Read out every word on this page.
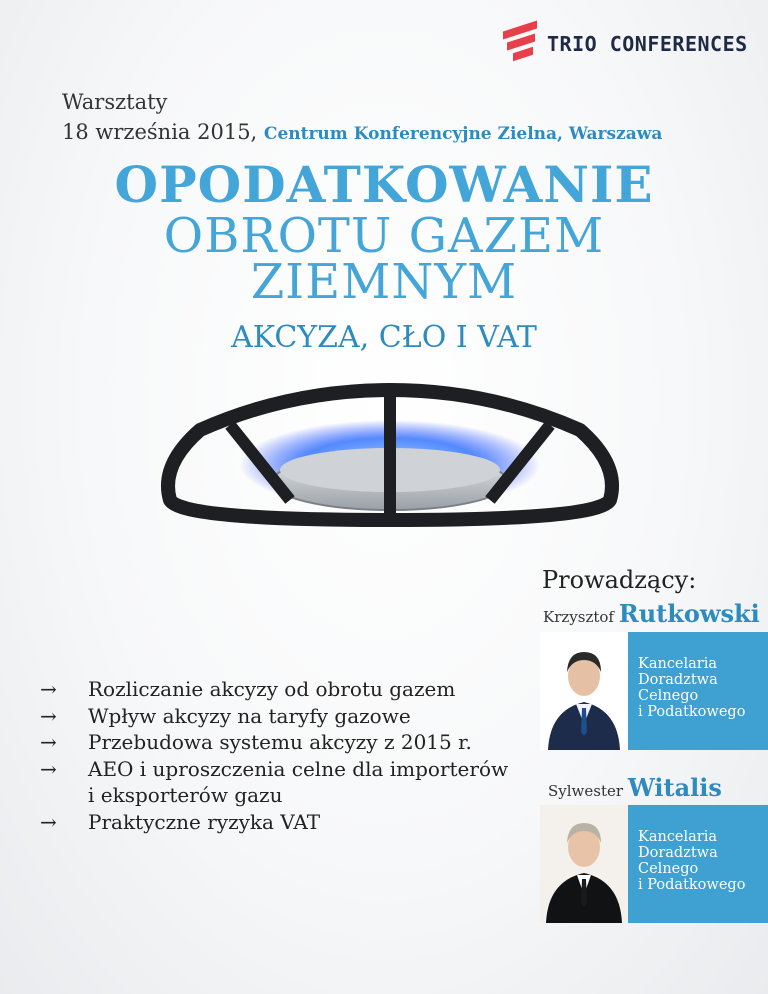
TRIO CONFERENCES
Warsztaty
18 września 2015, Centrum Konferencyjne Zielna, Warszawa
OPODATKOWANIE
OBROTU GAZEM
ZIEMNYM
AKCYZA, CŁO I VAT
Prowadzący:
Krzysztof Rutkowski
Kancelaria
Doradztwa
Celnego
i Podatkowego
Sylwester Witalis
Kancelaria
Doradztwa
Celnego
i Podatkowego
→	Rozliczanie akcyzy od obrotu gazem
→	Wpływ akcyzy na taryfy gazowe
→	Przebudowa systemu akcyzy z 2015 r.
→	AEO i uproszczenia celne dla importerów
i eksporterów gazu
→	Praktyczne ryzyka VAT
